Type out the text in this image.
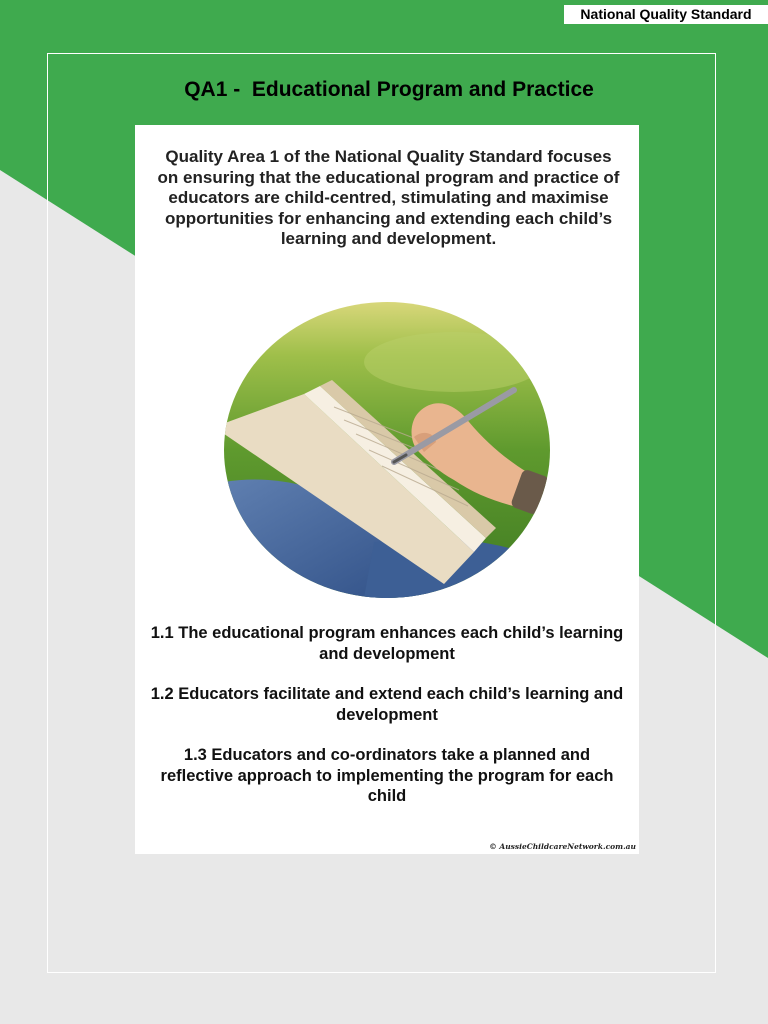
National Quality Standard
QA1 -  Educational Program and Practice
Quality Area 1 of the National Quality Standard focuses on ensuring that the educational program and practice of educators are child-centred, stimulating and maximise opportunities for enhancing and extending each child’s learning and development.
1.1 The educational program enhances each child’s learning and development
1.2 Educators facilitate and extend each child’s learning and development
1.3 Educators and co-ordinators take a planned and reflective approach to implementing the program for each child
© AussieChildcareNetwork.com.au
